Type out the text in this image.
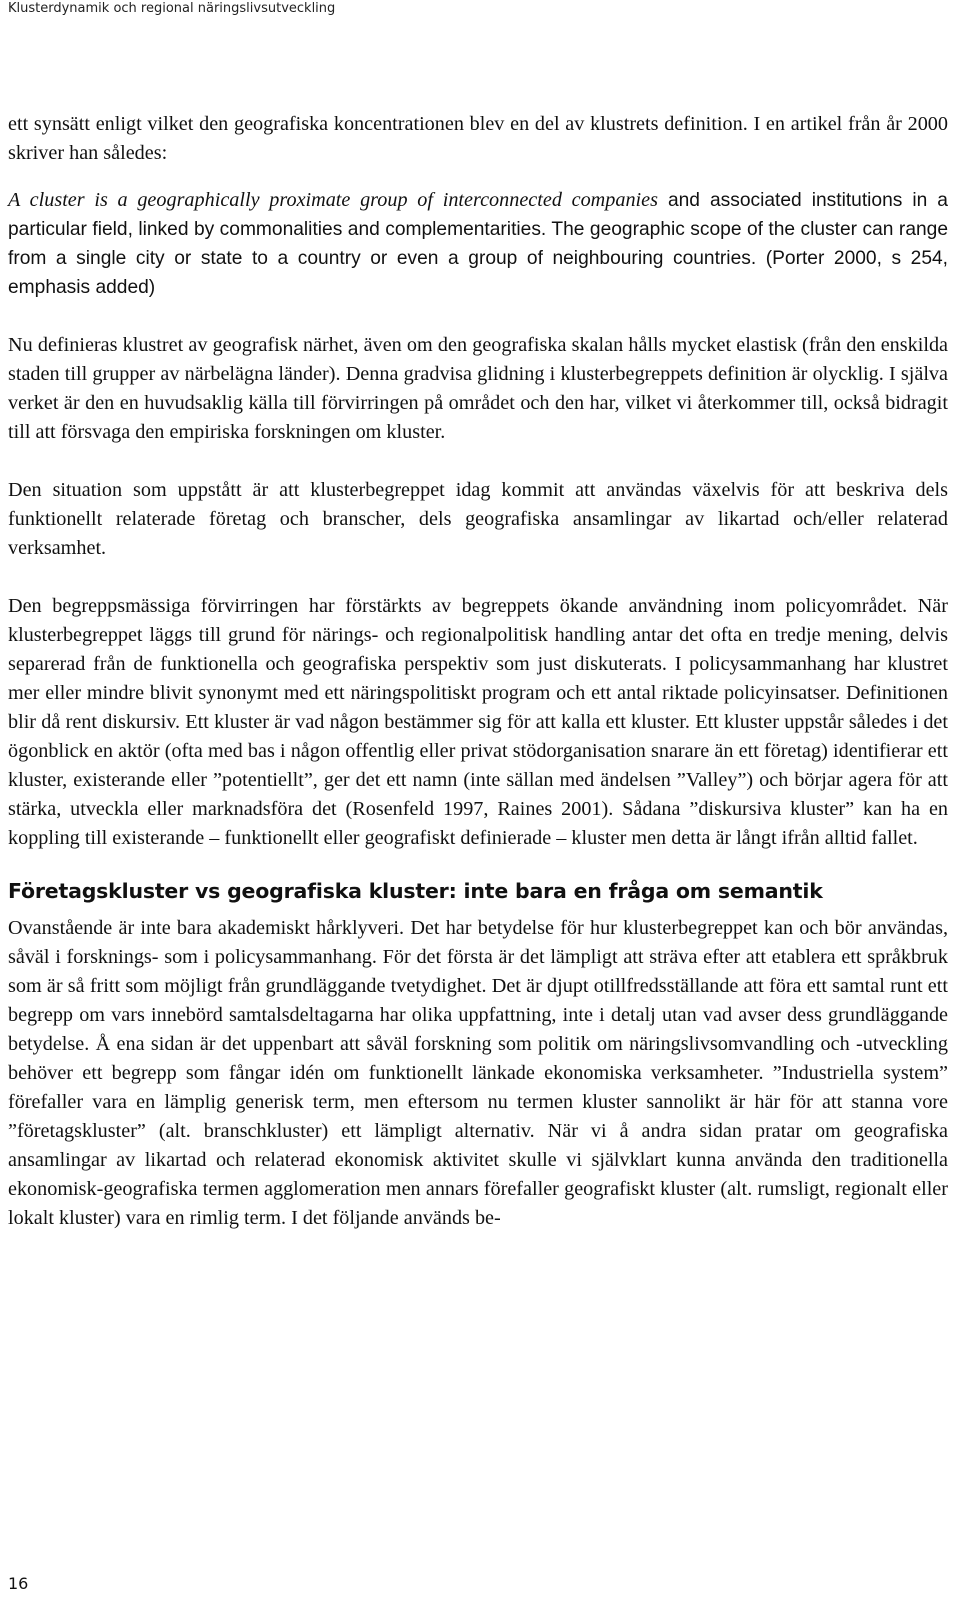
Klusterdynamik och regional näringslivsutveckling

ett synsätt enligt vilket den geografiska koncentrationen blev en del av klustrets definition. I en artikel från år 2000 skriver han således:

A cluster is a geographically proximate group of interconnected companies and associated institutions in a particular field, linked by commonalities and complementarities. The geographic scope of the cluster can range from a single city or state to a country or even a group of neighbouring countries. (Porter 2000, s 254, emphasis added)

Nu definieras klustret av geografisk närhet, även om den geografiska skalan hålls mycket elastisk (från den enskilda staden till grupper av närbelägna länder). Denna gradvisa glidning i klusterbegreppets definition är olycklig. I själva verket är den en huvudsaklig källa till förvirringen på området och den har, vilket vi återkommer till, också bidragit till att försvaga den empiriska forskningen om kluster.

Den situation som uppstått är att klusterbegreppet idag kommit att användas växelvis för att beskriva dels funktionellt relaterade företag och branscher, dels geografiska ansamlingar av likartad och/eller relaterad verksamhet.

Den begreppsmässiga förvirringen har förstärkts av begreppets ökande användning inom policyområdet. När klusterbegreppet läggs till grund för närings- och regionalpolitisk handling antar det ofta en tredje mening, delvis separerad från de funktionella och geografiska perspektiv som just diskuterats. I policysammanhang har klustret mer eller mindre blivit synonymt med ett näringspolitiskt program och ett antal riktade policyinsatser. Definitionen blir då rent diskursiv. Ett kluster är vad någon bestämmer sig för att kalla ett kluster. Ett kluster uppstår således i det ögonblick en aktör (ofta med bas i någon offentlig eller privat stödorganisation snarare än ett företag) identifierar ett kluster, existerande eller ”potentiellt”, ger det ett namn (inte sällan med ändelsen ”Valley”) och börjar agera för att stärka, utveckla eller marknadsföra det (Rosenfeld 1997, Raines 2001). Sådana ”diskursiva kluster” kan ha en koppling till existerande – funktionellt eller geografiskt definierade – kluster men detta är långt ifrån alltid fallet.

Företagskluster vs geografiska kluster: inte bara en fråga om semantik

Ovanstående är inte bara akademiskt hårklyveri. Det har betydelse för hur klusterbegreppet kan och bör användas, såväl i forsknings- som i policysammanhang. För det första är det lämpligt att sträva efter att etablera ett språkbruk som är så fritt som möjligt från grundläggande tvetydighet. Det är djupt otillfredsställande att föra ett samtal runt ett begrepp om vars innebörd samtalsdeltagarna har olika uppfattning, inte i detalj utan vad avser dess grundläggande betydelse. Å ena sidan är det uppenbart att såväl forskning som politik om näringslivsomvandling och -utveckling behöver ett begrepp som fångar idén om funktionellt länkade ekonomiska verksamheter. ”Industriella system” förefaller vara en lämplig generisk term, men eftersom nu termen kluster sannolikt är här för att stanna vore ”företagskluster” (alt. branschkluster) ett lämpligt alternativ. När vi å andra sidan pratar om geografiska ansamlingar av likartad och relaterad ekonomisk aktivitet skulle vi självklart kunna använda den traditionella ekonomisk-geografiska termen agglomeration men annars förefaller geografiskt kluster (alt. rumsligt, regionalt eller lokalt kluster) vara en rimlig term. I det följande används be-

16
